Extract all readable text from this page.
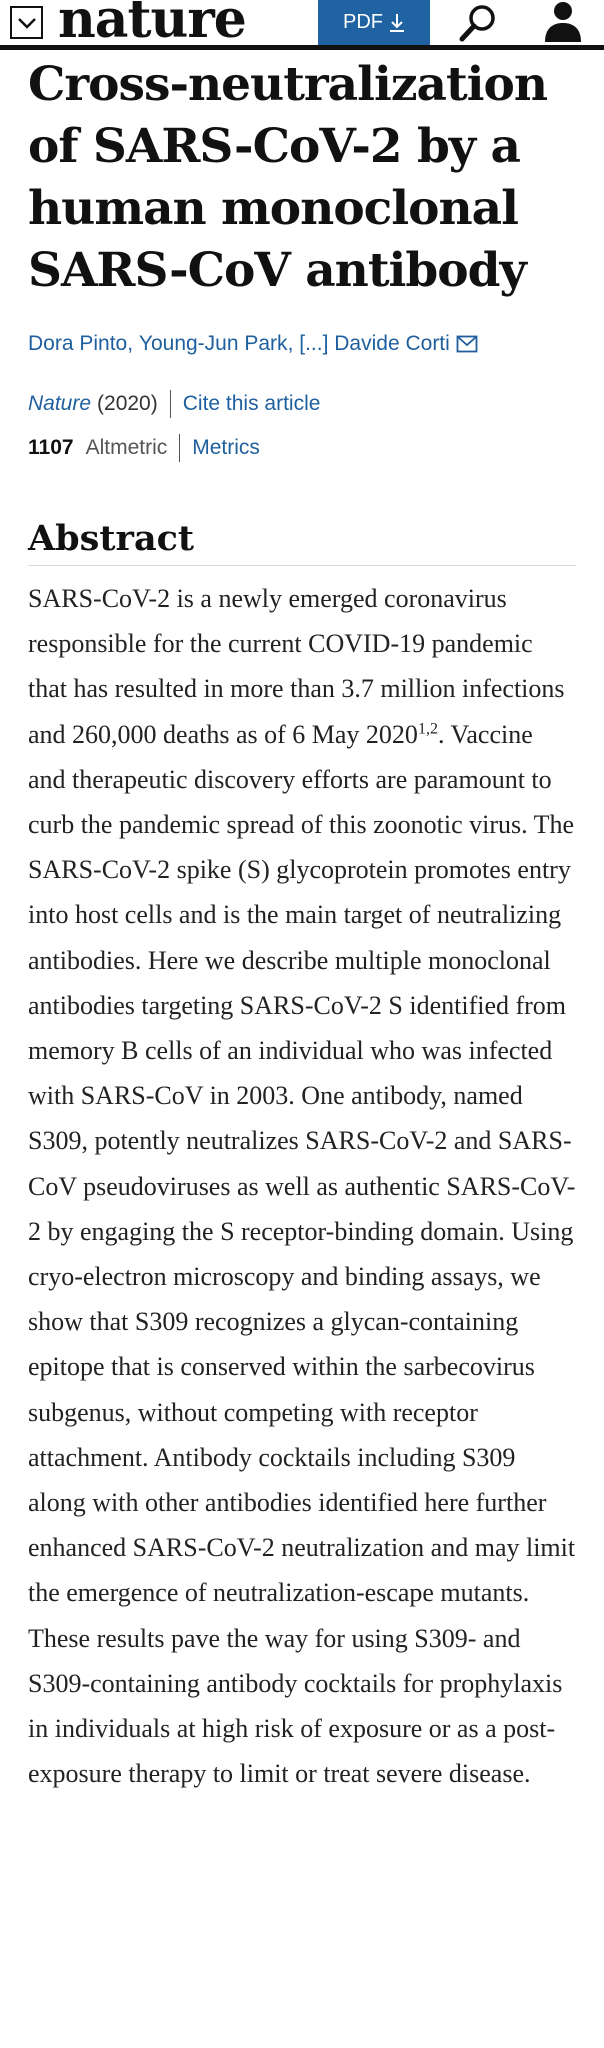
nature	PDF
Cross-neutralization of SARS-CoV-2 by a human monoclonal SARS-CoV antibody
Dora Pinto , Young-Jun Park , [...]
Davide Corti
Nature (2020) Cite this article
1107 Altmetric Metrics
Abstract

SARS-CoV-2 is a newly emerged coronavirus responsible for the current COVID-19 pandemic that has resulted in more than 3.7 million infections and 260,000 deaths as of 6 May 2020$^{1,2}$. Vaccine and therapeutic discovery efforts are paramount to curb the pandemic spread of this zoonotic virus. The SARS-CoV-2 spike (S) glycoprotein promotes entry into host cells and is the main target of neutralizing antibodies. Here we describe multiple monoclonal antibodies targeting SARS-CoV-2 S identified from memory B cells of an individual who was infected with SARS-CoV in 2003. One antibody, named S309, potently neutralizes SARS-CoV-2 and SARS-CoV pseudoviruses as well as authentic SARS-CoV-2 by engaging the S receptor-binding domain. Using cryo-electron microscopy and binding assays, we show that S309 recognizes a glycan-containing epitope that is conserved within the sarbecovirus subgenus, without competing with receptor attachment. Antibody cocktails including S309 along with other antibodies identified here further enhanced SARS-CoV-2 neutralization and may limit the emergence of neutralization-escape mutants. These results pave the way for using S309- and S309-containing antibody cocktails for prophylaxis in individuals at high risk of exposure or as a post-exposure therapy to limit or treat severe disease.
